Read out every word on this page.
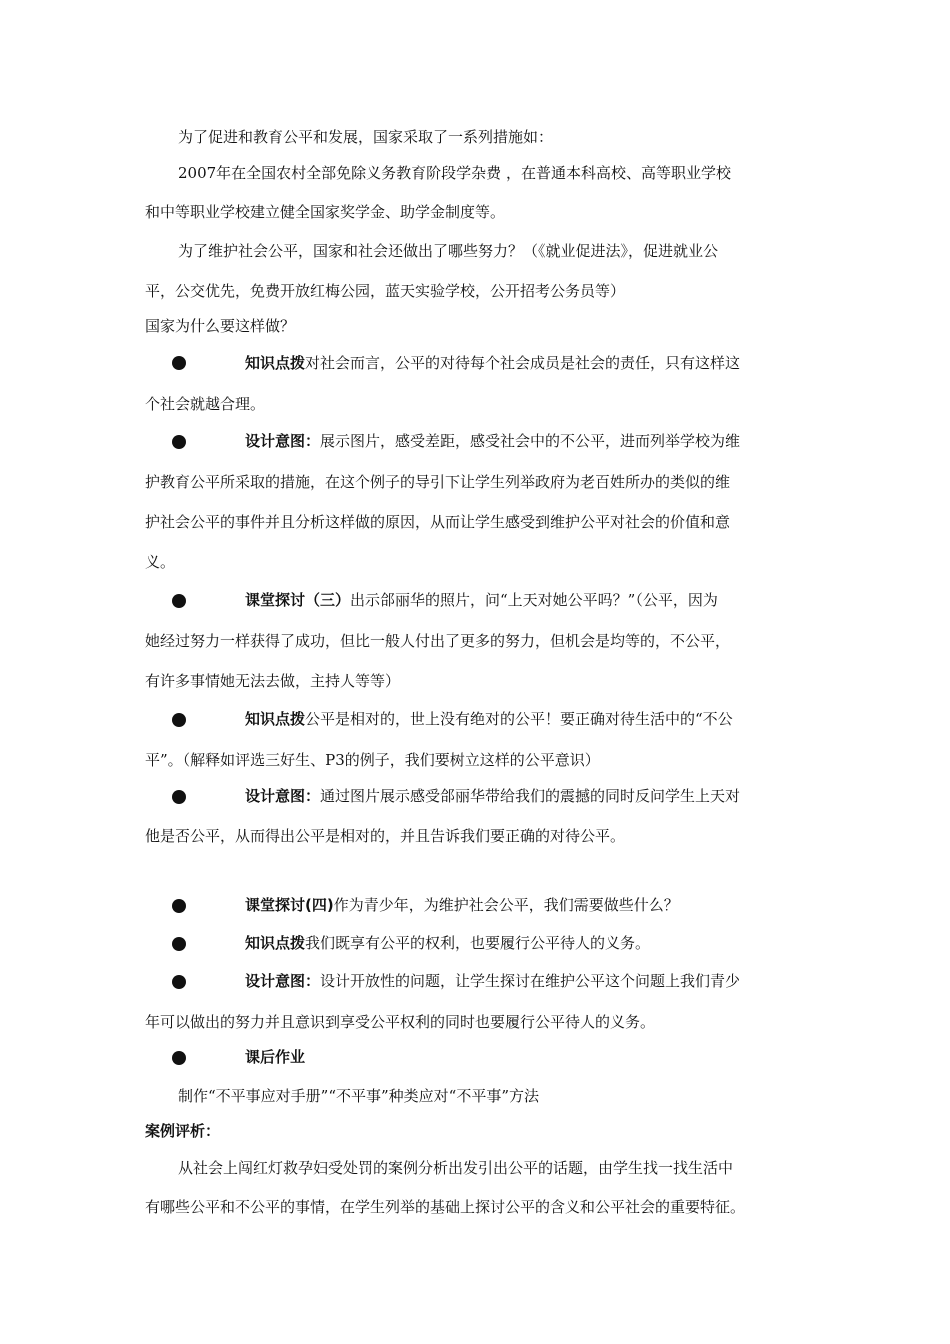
为了促进和教育公平和发展，国家采取了一系列措施如：
2007年在全国农村全部免除义务教育阶段学杂费 ，在普通本科高校、高等职业学校
和中等职业学校建立健全国家奖学金、助学金制度等。
为了维护社会公平，国家和社会还做出了哪些努力？（《就业促进法》，促进就业公
平，公交优先，免费开放红梅公园，蓝天实验学校，公开招考公务员等）
国家为什么要这样做？
知识点拨对社会而言，公平的对待每个社会成员是社会的责任，只有这样这
个社会就越合理。
设计意图：展示图片，感受差距，感受社会中的不公平，进而列举学校为维
护教育公平所采取的措施，在这个例子的导引下让学生列举政府为老百姓所办的类似的维
护社会公平的事件并且分析这样做的原因，从而让学生感受到维护公平对社会的价值和意
义。
课堂探讨（三）出示郃丽华的照片，问“上天对她公平吗？”（公平，因为
她经过努力一样获得了成功，但比一般人付出了更多的努力，但机会是均等的，不公平，
有许多事情她无法去做，主持人等等）
知识点拨公平是相对的，世上没有绝对的公平！要正确对待生活中的“不公
平”。（解释如评选三好生、P3的例子，我们要树立这样的公平意识）
设计意图：通过图片展示感受郃丽华带给我们的震撼的同时反问学生上天对
他是否公平，从而得出公平是相对的，并且告诉我们要正确的对待公平。
课堂探讨(四)作为青少年，为维护社会公平，我们需要做些什么？
知识点拨我们既享有公平的权利，也要履行公平待人的义务。
设计意图：设计开放性的问题，让学生探讨在维护公平这个问题上我们青少
年可以做出的努力并且意识到享受公平权利的同时也要履行公平待人的义务。
课后作业
制作“不平事应对手册”“不平事”种类应对“不平事”方法
案例评析：
从社会上闯红灯救孕妇受处罚的案例分析出发引出公平的话题，由学生找一找生活中
有哪些公平和不公平的事情，在学生列举的基础上探讨公平的含义和公平社会的重要特征。
